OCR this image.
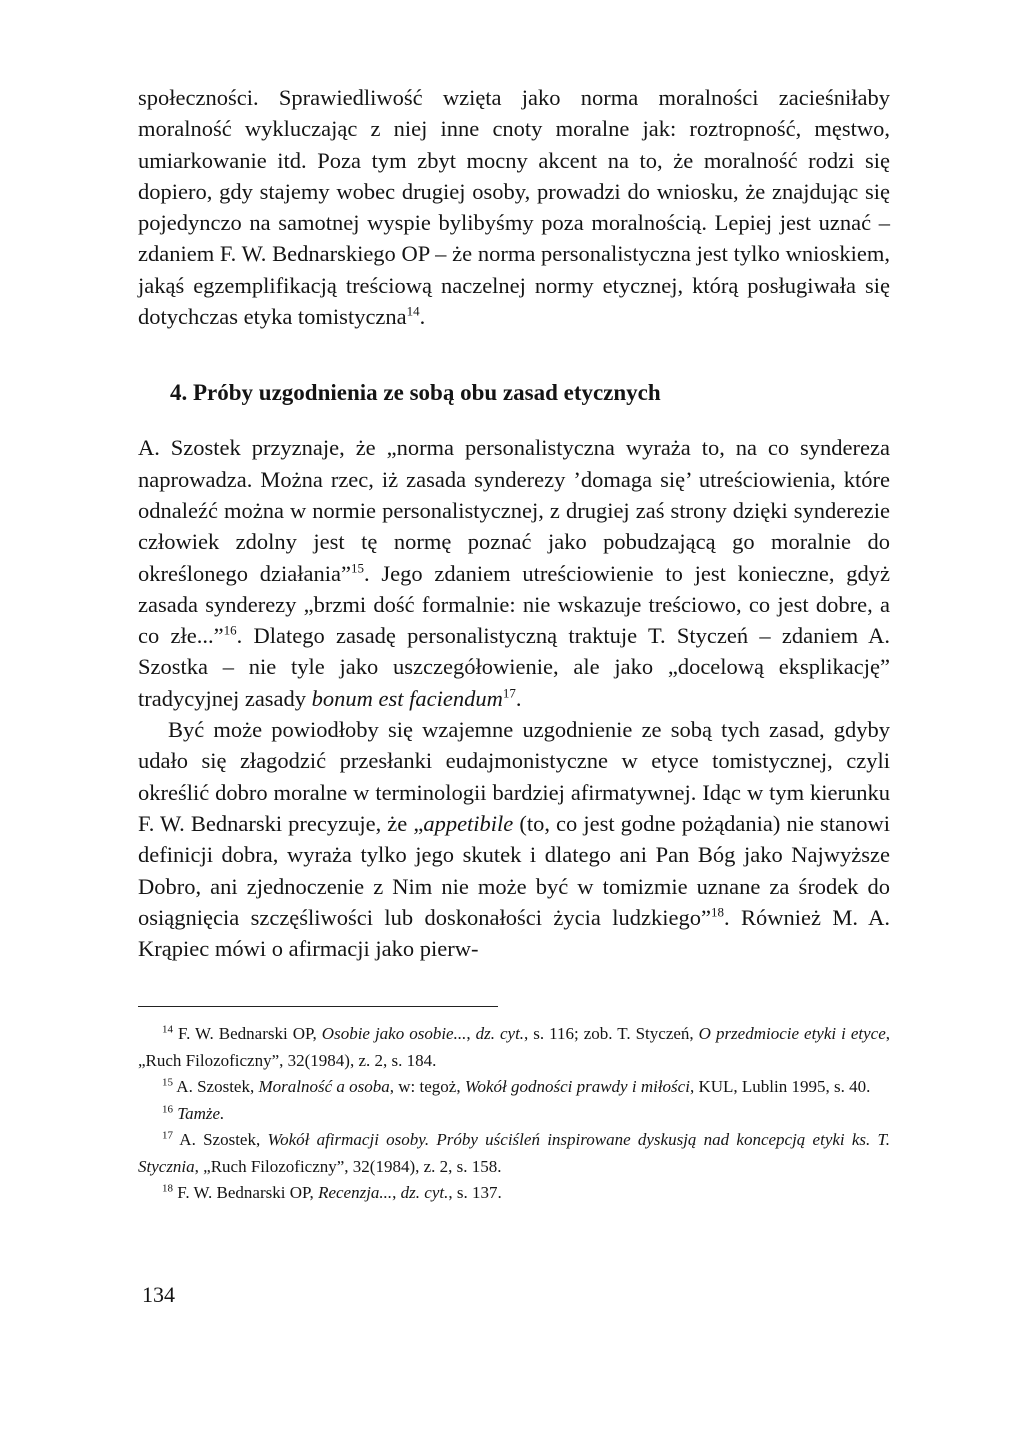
społeczności. Sprawiedliwość wzięta jako norma moralności zacieśniłaby moralność wykluczając z niej inne cnoty moralne jak: roztropność, męstwo, umiarkowanie itd. Poza tym zbyt mocny akcent na to, że moralność rodzi się dopiero, gdy stajemy wobec drugiej osoby, prowadzi do wniosku, że znajdując się pojedynczo na samotnej wyspie bylibyśmy poza moralnością. Lepiej jest uznać – zdaniem F. W. Bednarskiego OP – że norma personalistyczna jest tylko wnioskiem, jakąś egzemplifikacją treściową naczelnej normy etycznej, którą posługiwała się dotychczas etyka tomistyczna$^{14}$.

4. Próby uzgodnienia ze sobą obu zasad etycznych

A. Szostek przyznaje, że „norma personalistyczna wyraża to, na co syndereza naprowadza. Można rzec, iż zasada synderezy ’domaga się’ utreściowienia, które odnaleźć można w normie personalistycznej, z drugiej zaś strony dzięki synderezie człowiek zdolny jest tę normę poznać jako pobudzającą go moralnie do określonego działania”$^{15}$. Jego zdaniem utreściowienie to jest konieczne, gdyż zasada synderezy „brzmi dość formalnie: nie wskazuje treściowo, co jest dobre, a co złe...”$^{16}$. Dlatego zasadę personalistyczną traktuje T. Styczeń – zdaniem A. Szostka – nie tyle jako uszczegółowienie, ale jako „docelową eksplikację” tradycyjnej zasady bonum est faciendum$^{17}$.

Być może powiodłoby się wzajemne uzgodnienie ze sobą tych zasad, gdyby udało się złagodzić przesłanki eudajmonistyczne w etyce tomistycznej, czyli określić dobro moralne w terminologii bardziej afirmatywnej. Idąc w tym kierunku F. W. Bednarski precyzuje, że „appetibile (to, co jest godne pożądania) nie stanowi definicji dobra, wyraża tylko jego skutek i dlatego ani Pan Bóg jako Najwyższe Dobro, ani zjednoczenie z Nim nie może być w tomizmie uznane za środek do osiągnięcia szczęśliwości lub doskonałości życia ludzkiego”$^{18}$. Również M. A. Krąpiec mówi o afirmacji jako pierw-

$^{14}$ F. W. Bednarski OP, Osobie jako osobie..., dz. cyt., s. 116; zob. T. Styczeń, O przedmiocie etyki i etyce, „Ruch Filozoficzny”, 32(1984), z. 2, s. 184.

$^{15}$ A. Szostek, Moralność a osoba, w: tegoż, Wokół godności prawdy i miłości, KUL, Lublin 1995, s. 40.

$^{16}$ Tamże.

$^{17}$ A. Szostek, Wokół afirmacji osoby. Próby uściśleń inspirowane dyskusją nad koncepcją etyki ks. T. Stycznia, „Ruch Filozoficzny”, 32(1984), z. 2, s. 158.

$^{18}$ F. W. Bednarski OP, Recenzja..., dz. cyt., s. 137.

134
